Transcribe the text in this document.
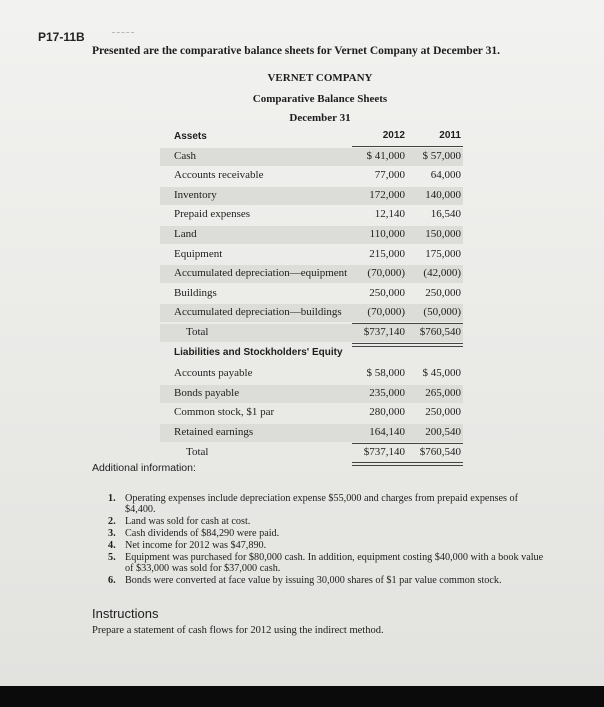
P17-11B
Presented are the comparative balance sheets for Vernet Company at December 31.
VERNET COMPANY
Comparative Balance Sheets
December 31
Assets	2012	2011
Cash	$ 41,000 $ 57,000
Accounts receivable	77,000 64,000
Inventory	172,000 140,000
Prepaid expenses	12,140 16,540
Land	110,000 150,000
Equipment	215,000 175,000
Accumulated depreciation—equipment (70,000) (42,000)
Buildings	250,000 250,000
Accumulated depreciation—buildings (70,000) (50,000)
Total	$737,140 $760,540
Liabilities and Stockholders' Equity
Accounts payable	$ 58,000 $ 45,000
Bonds payable	235,000 265,000
Common stock, $1 par	280,000 250,000
Retained earnings	164,140 200,540
Total	$737,140 $760,540
Additional information:
1. Operating expenses include depreciation expense $55,000 and charges from prepaid expenses of $4,400.
2. Land was sold for cash at cost.
3. Cash dividends of $84,290 were paid.
4. Net income for 2012 was $47,890.
5. Equipment was purchased for $80,000 cash. In addition, equipment costing $40,000 with a book value of $33,000 was sold for $37,000 cash.
6. Bonds were converted at face value by issuing 30,000 shares of $1 par value common stock.
Instructions
Prepare a statement of cash flows for 2012 using the indirect method.
